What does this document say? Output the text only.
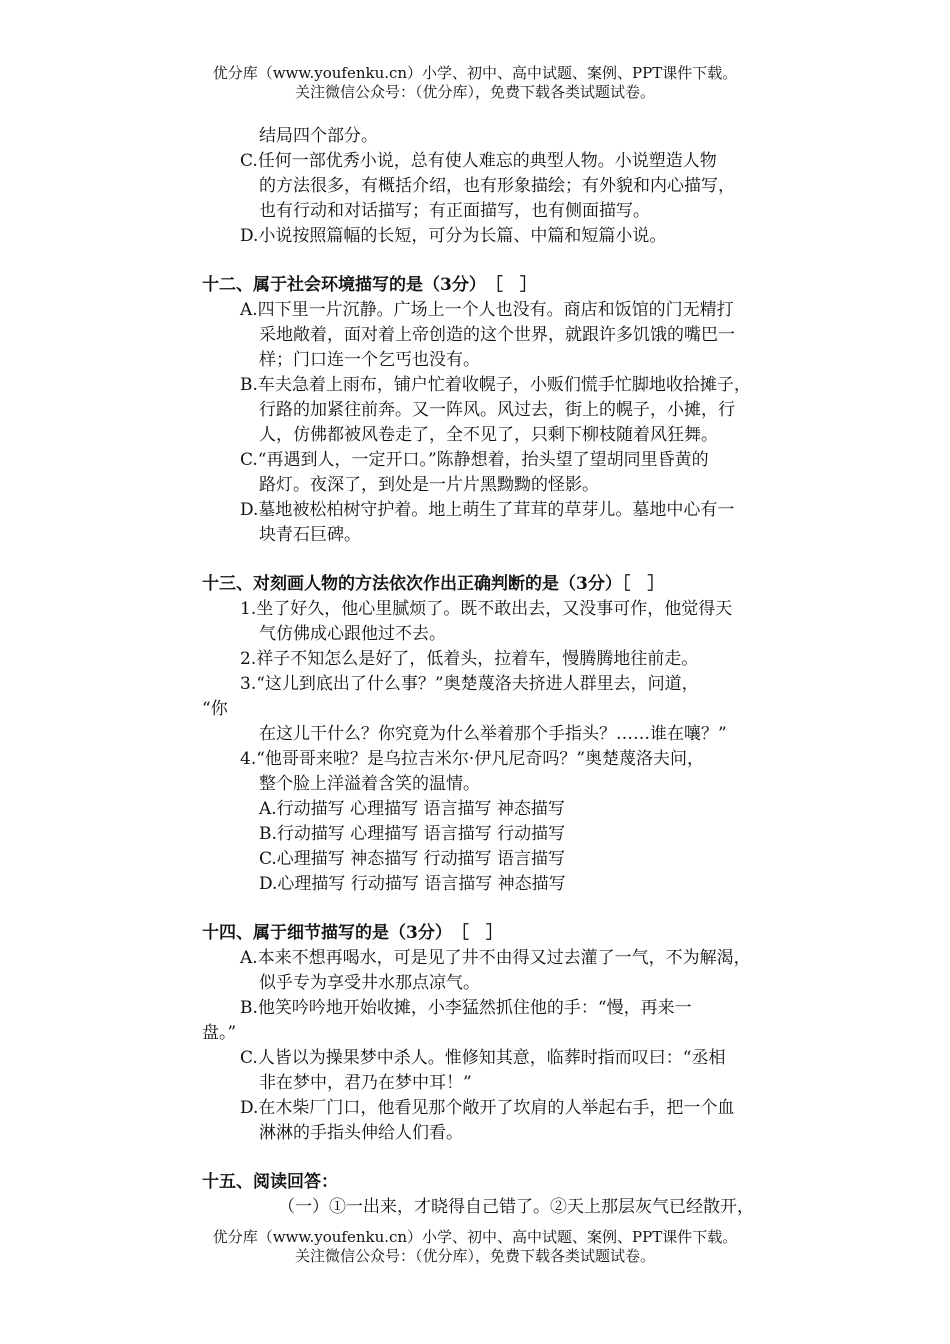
优分库（www.youfenku.cn）小学、初中、高中试题、案例、PPT课件下载。
关注微信公众号：（优分库），免费下载各类试题试卷。
结局四个部分。
C.任何一部优秀小说，总有使人难忘的典型人物。小说塑造人物
的方法很多，有概括介绍，也有形象描绘；有外貌和内心描写，
也有行动和对话描写；有正面描写，也有侧面描写。
D.小说按照篇幅的长短，可分为长篇、中篇和短篇小说。
十二、属于社会环境描写的是（3分）　［　］
A.四下里一片沉静。广场上一个人也没有。商店和饭馆的门无精打
采地敞着，面对着上帝创造的这个世界，就跟许多饥饿的嘴巴一
样；门口连一个乞丐也没有。
B.车夫急着上雨布，铺户忙着收幌子，小贩们慌手忙脚地收拾摊子，
行路的加紧往前奔。又一阵风。风过去，街上的幌子，小摊，行
人，仿佛都被风卷走了，全不见了，只剩下柳枝随着风狂舞。
C.“再遇到人，一定开口。”陈静想着，抬头望了望胡同里昏黄的
路灯。夜深了，到处是一片片黑黝黝的怪影。
D.墓地被松柏树守护着。地上萌生了茸茸的草芽儿。墓地中心有一
块青石巨碑。
十三、对刻画人物的方法依次作出正确判断的是（3分）［　］
1.坐了好久，他心里腻烦了。既不敢出去，又没事可作，他觉得天
气仿佛成心跟他过不去。
2.祥子不知怎么是好了，低着头，拉着车，慢腾腾地往前走。
3.“这儿到底出了什么事？”奥楚蔑洛夫挤进人群里去，问道，
“你
在这儿干什么？你究竟为什么举着那个手指头？……谁在嚷？”
4.“他哥哥来啦？是乌拉吉米尔·伊凡尼奇吗？”奥楚蔑洛夫问，
整个脸上洋溢着含笑的温情。
A.行动描写 心理描写 语言描写 神态描写
B.行动描写 心理描写 语言描写 行动描写
C.心理描写 神态描写 行动描写 语言描写
D.心理描写 行动描写 语言描写 神态描写
十四、属于细节描写的是（3分）　［　］
A.本来不想再喝水，可是见了井不由得又过去灌了一气，不为解渴，
似乎专为享受井水那点凉气。
B.他笑吟吟地开始收摊，小李猛然抓住他的手：“慢，再来一
盘。”
C.人皆以为操果梦中杀人。惟修知其意，临葬时指而叹曰：“丞相
非在梦中，君乃在梦中耳！”
D.在木柴厂门口，他看见那个敞开了坎肩的人举起右手，把一个血
淋淋的手指头伸给人们看。
十五、阅读回答：
（一）①一出来，才晓得自己错了。②天上那层灰气已经散开，
优分库（www.youfenku.cn）小学、初中、高中试题、案例、PPT课件下载。
关注微信公众号：（优分库），免费下载各类试题试卷。
